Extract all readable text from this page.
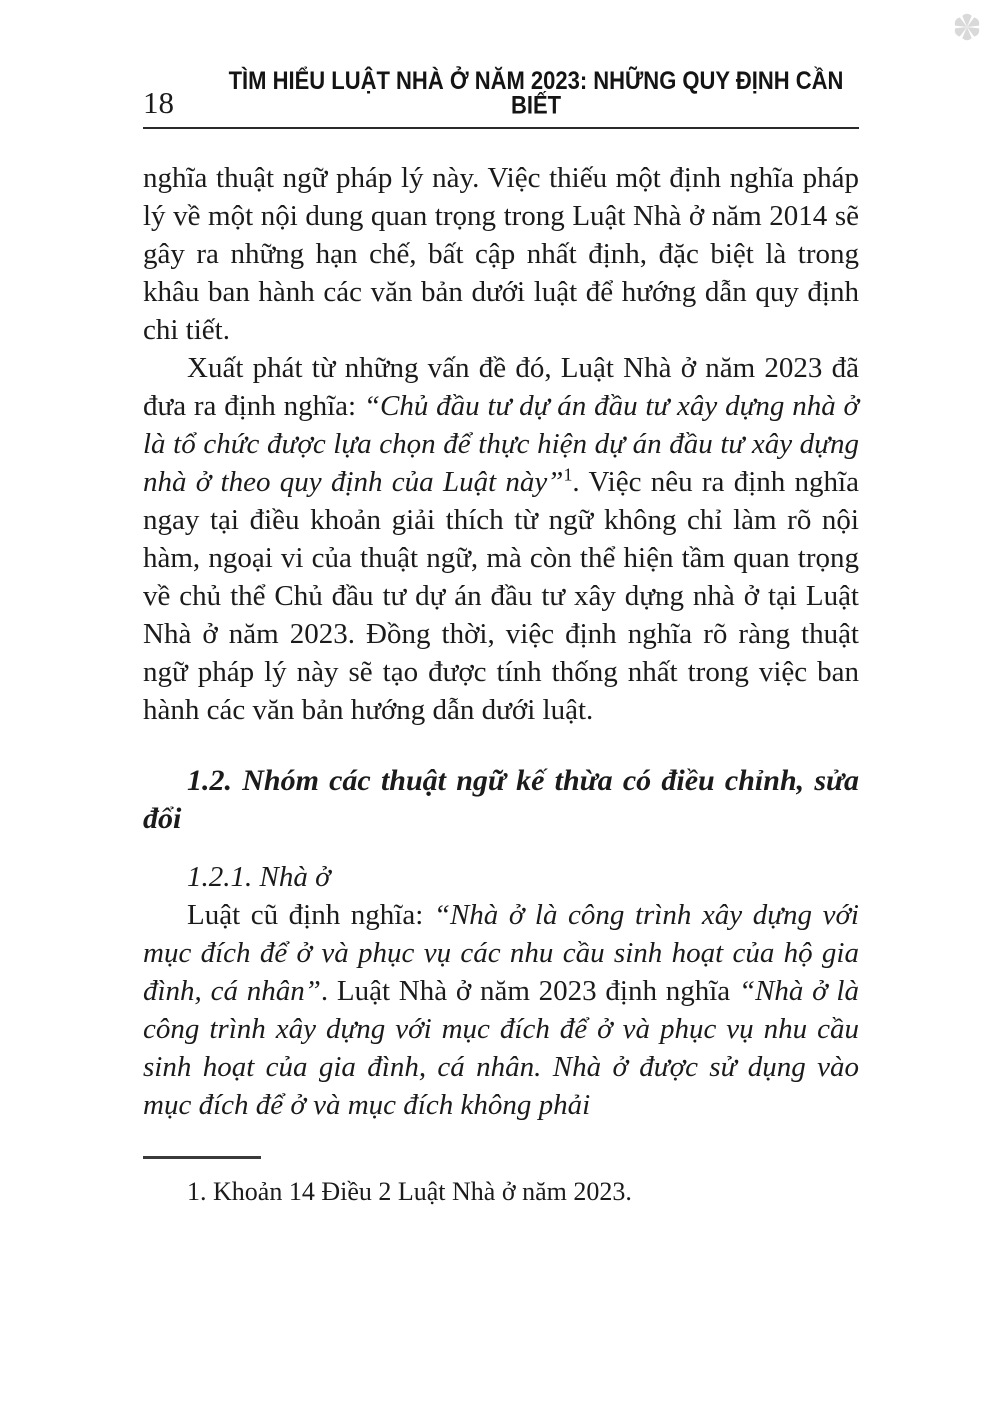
18
TÌM HIỂU LUẬT NHÀ Ở NĂM 2023: NHỮNG QUY ĐỊNH CẦN BIẾT

nghĩa thuật ngữ pháp lý này. Việc thiếu một định nghĩa pháp lý về một nội dung quan trọng trong Luật Nhà ở năm 2014 sẽ gây ra những hạn chế, bất cập nhất định, đặc biệt là trong khâu ban hành các văn bản dưới luật để hướng dẫn quy định chi tiết.

Xuất phát từ những vấn đề đó, Luật Nhà ở năm 2023 đã đưa ra định nghĩa: “Chủ đầu tư dự án đầu tư xây dựng nhà ở là tổ chức được lựa chọn để thực hiện dự án đầu tư xây dựng nhà ở theo quy định của Luật này”$^1$. Việc nêu ra định nghĩa ngay tại điều khoản giải thích từ ngữ không chỉ làm rõ nội hàm, ngoại vi của thuật ngữ, mà còn thể hiện tầm quan trọng về chủ thể Chủ đầu tư dự án đầu tư xây dựng nhà ở tại Luật Nhà ở năm 2023. Đồng thời, việc định nghĩa rõ ràng thuật ngữ pháp lý này sẽ tạo được tính thống nhất trong việc ban hành các văn bản hướng dẫn dưới luật.

1.2. Nhóm các thuật ngữ kế thừa có điều chỉnh, sửa đổi

1.2.1. Nhà ở

Luật cũ định nghĩa: “Nhà ở là công trình xây dựng với mục đích để ở và phục vụ các nhu cầu sinh hoạt của hộ gia đình, cá nhân”. Luật Nhà ở năm 2023 định nghĩa “Nhà ở là công trình xây dựng với mục đích để ở và phục vụ nhu cầu sinh hoạt của gia đình, cá nhân. Nhà ở được sử dụng vào mục đích để ở và mục đích không phải

1. Khoản 14 Điều 2 Luật Nhà ở năm 2023.
